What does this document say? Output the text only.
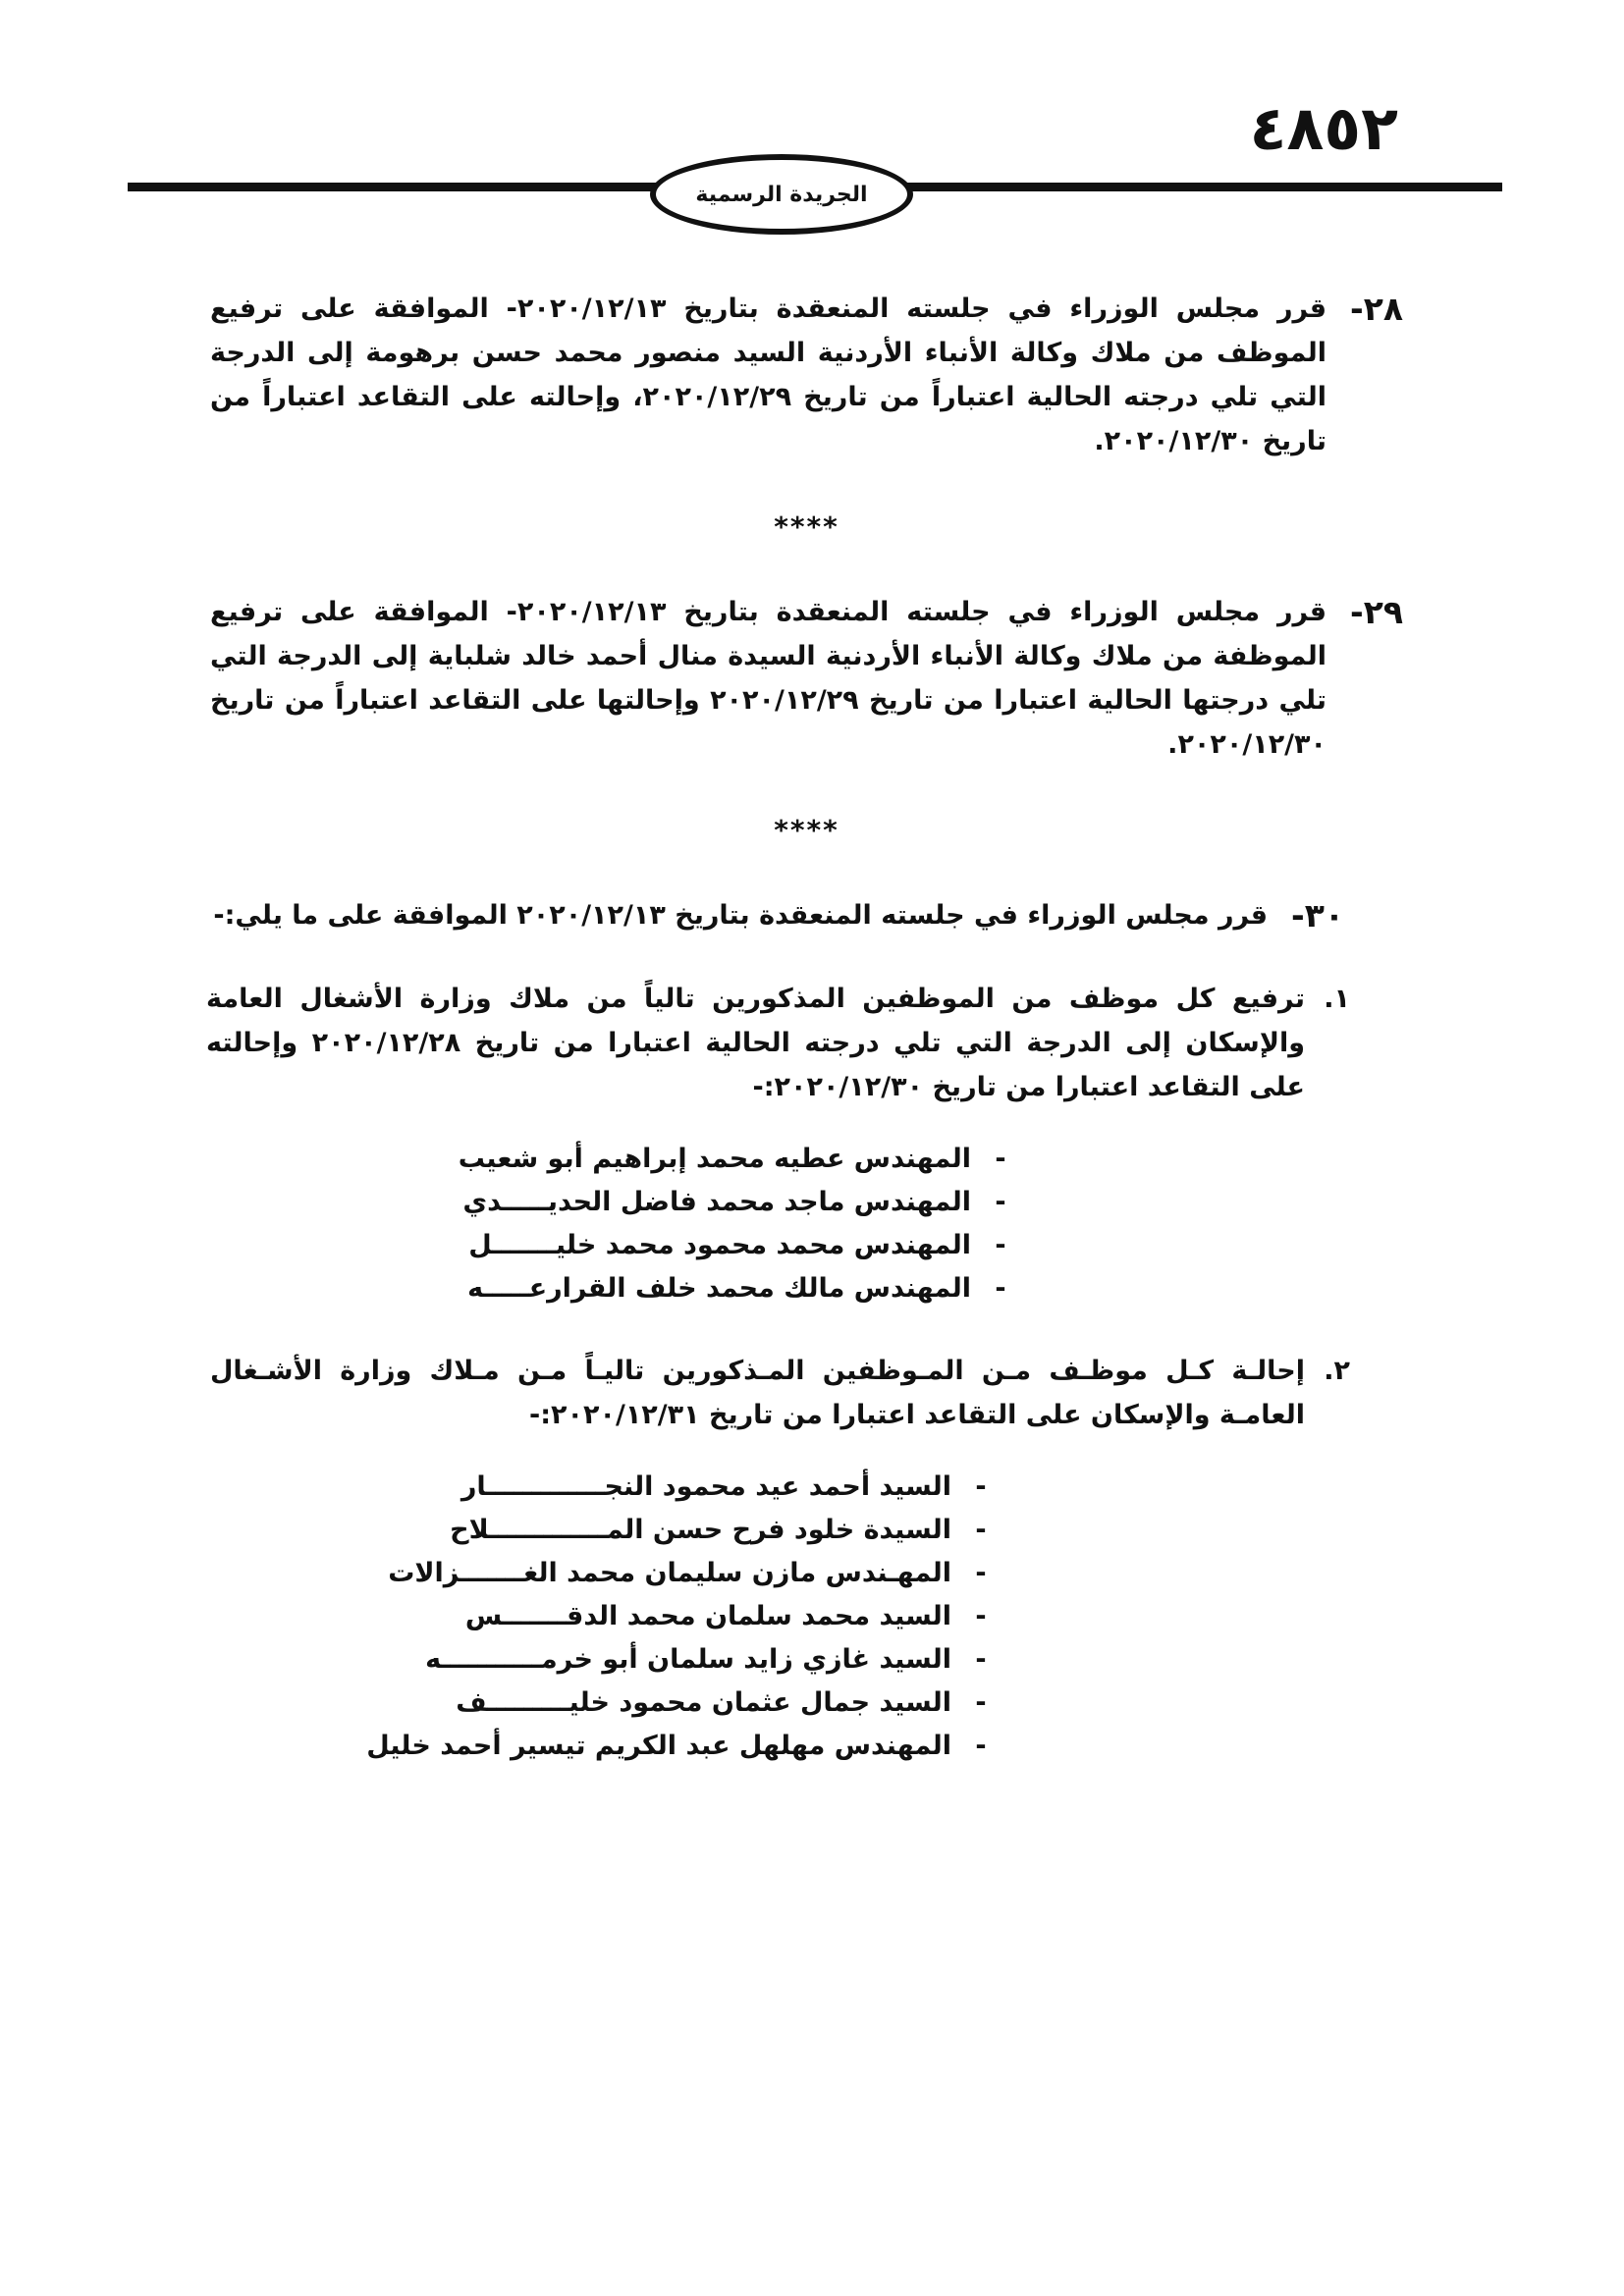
٤٨٥٢
الجريدة الرسمية
٢٨-
قرر مجلس الوزراء في جلسته المنعقدة بتاريخ ٢٠٢٠/١٢/١٣- الموافقة على ترفيع الموظف من ملاك وكالة الأنباء الأردنية السيد منصور محمد حسن برهومة إلى الدرجة التي تلي درجته الحالية اعتباراً من تاريخ ٢٠٢٠/١٢/٢٩، وإحالته على التقاعد اعتباراً من تاريخ ٢٠٢٠/١٢/٣٠.
****
٢٩-
قرر مجلس الوزراء في جلسته المنعقدة بتاريخ ٢٠٢٠/١٢/١٣- الموافقة على ترفيع الموظفة من ملاك وكالة الأنباء الأردنية السيدة منال أحمد خالد شلباية إلى الدرجة التي تلي درجتها الحالية اعتبارا من تاريخ ٢٠٢٠/١٢/٢٩ وإحالتها على التقاعد اعتباراً من تاريخ ٢٠٢٠/١٢/٣٠.
****
٣٠-
قرر مجلس الوزراء في جلسته المنعقدة بتاريخ ٢٠٢٠/١٢/١٣ الموافقة على ما يلي:-
١.
ترفيع كل موظف من الموظفين المذكورين تالياً من ملاك وزارة الأشغال العامة والإسكان إلى الدرجة التي تلي درجته الحالية اعتبارا من تاريخ ٢٠٢٠/١٢/٢٨ وإحالته على التقاعد اعتبارا من تاريخ ٢٠٢٠/١٢/٣٠:-
-
المهندس عطيه محمد إبراهيم أبو شعيب
-
المهندس ماجد محمد فاضل الحديـــــدي
-
المهندس محمد محمود محمد خليـــــــل
-
المهندس مالك محمد خلف القرارعـــــه
٢.
إحالـة كـل موظـف مـن المـوظفين المـذكورين تاليـاً مـن مـلاك وزارة الأشـغال العامـة والإسكان على التقاعد اعتبارا من تاريخ ٢٠٢٠/١٢/٣١:-
-
السيد أحمد عيد محمود النجـــــــــــــار
-
السيدة خلود فرح حسن المـــــــــــــلاح
-
المهـندس مازن سليمان محمد الغـــــــزالات
-
السيد محمد سلمان محمد الدقـــــــس
-
السيد غازي زايد سلمان أبو خرمـــــــــــه
-
السيد جمال عثمان محمود خليـــــــــف
-
المهندس مهلهل عبد الكريم تيسير أحمد خليل
